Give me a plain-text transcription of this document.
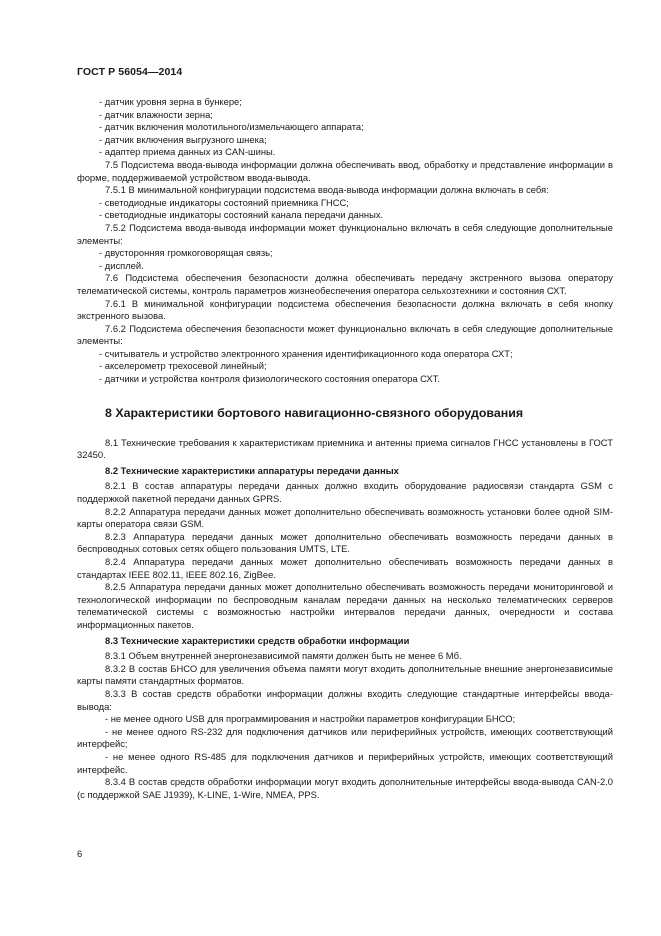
ГОСТ Р 56054—2014
- датчик уровня зерна в бункере;
- датчик влажности зерна;
- датчик включения молотильного/измельчающего аппарата;
- датчик включения выгрузного шнека;
- адаптер приема данных из CAN-шины.
7.5 Подсистема ввода-вывода информации должна обеспечивать ввод, обработку и представление информации в форме, поддерживаемой устройством ввода-вывода.
7.5.1 В минимальной конфигурации подсистема ввода-вывода информации должна включать в себя:
- светодиодные индикаторы состояний приемника ГНСС;
- светодиодные индикаторы состояний канала передачи данных.
7.5.2 Подсистема ввода-вывода информации может функционально включать в себя следующие дополнительные элементы:
- двусторонняя громкоговорящая связь;
- дисплей.
7.6 Подсистема обеспечения безопасности должна обеспечивать передачу экстренного вызова оператору телематической системы, контроль параметров жизнеобеспечения оператора сельхозтехники и состояния СХТ.
7.6.1 В минимальной конфигурации подсистема обеспечения безопасности должна включать в себя кнопку экстренного вызова.
7.6.2 Подсистема обеспечения безопасности может функционально включать в себя следующие дополнительные элементы:
- считыватель и устройство электронного хранения идентификационного кода оператора СХТ;
- акселерометр трехосевой линейный;
- датчики и устройства контроля физиологического состояния оператора СХТ.
8 Характеристики бортового навигационно-связного оборудования
8.1 Технические требования к характеристикам приемника и антенны приема сигналов ГНСС установлены в ГОСТ 32450.
8.2 Технические характеристики аппаратуры передачи данных
8.2.1 В состав аппаратуры передачи данных должно входить оборудование радиосвязи стандарта GSM с поддержкой пакетной передачи данных GPRS.
8.2.2 Аппаратура передачи данных может дополнительно обеспечивать возможность установки более одной SIM-карты оператора связи GSM.
8.2.3 Аппаратура передачи данных может дополнительно обеспечивать возможность передачи данных в беспроводных сотовых сетях общего пользования UMTS, LTE.
8.2.4 Аппаратура передачи данных может дополнительно обеспечивать возможность передачи данных в стандартах IEEE 802.11, IEEE 802.16, ZigBee.
8.2.5 Аппаратура передачи данных может дополнительно обеспечивать возможность передачи мониторинговой и технологической информации по беспроводным каналам передачи данных на несколько телематических серверов телематической системы с возможностью настройки интервалов передачи данных, очередности и состава информационных пакетов.
8.3 Технические характеристики средств обработки информации
8.3.1 Объем внутренней энергонезависимой памяти должен быть не менее 6 Мб.
8.3.2 В состав БНСО для увеличения объема памяти могут входить дополнительные внешние энергонезависимые карты памяти стандартных форматов.
8.3.3 В состав средств обработки информации должны входить следующие стандартные интерфейсы ввода-вывода:
- не менее одного USB для программирования и настройки параметров конфигурации БНСО;
- не менее одного RS-232 для подключения датчиков или периферийных устройств, имеющих соответствующий интерфейс;
- не менее одного RS-485 для подключения датчиков и периферийных устройств, имеющих соответствующий интерфейс.
8.3.4 В состав средств обработки информации могут входить дополнительные интерфейсы ввода-вывода CAN-2.0 (с поддержкой SAE J1939), K-LINE, 1-Wire, NMEA, PPS.
6
